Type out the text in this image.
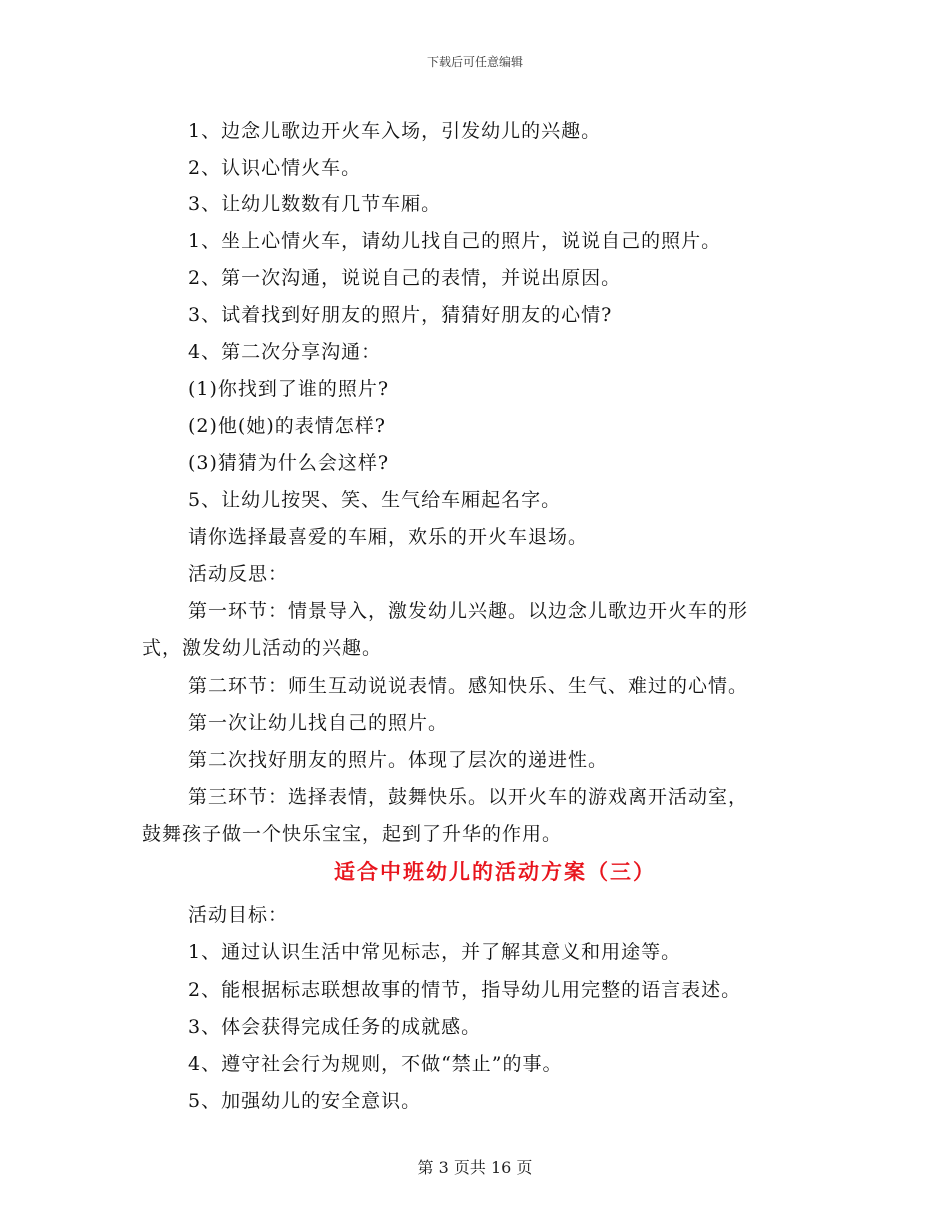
下载后可任意编辑
1、边念儿歌边开火车入场，引发幼儿的兴趣。
2、认识心情火车。
3、让幼儿数数有几节车厢。
1、坐上心情火车，请幼儿找自己的照片，说说自己的照片。
2、第一次沟通，说说自己的表情，并说出原因。
3、试着找到好朋友的照片，猜猜好朋友的心情?
4、第二次分享沟通：
(1)你找到了谁的照片?
(2)他(她)的表情怎样?
(3)猜猜为什么会这样?
5、让幼儿按哭、笑、生气给车厢起名字。
请你选择最喜爱的车厢，欢乐的开火车退场。
活动反思：
第一环节：情景导入，激发幼儿兴趣。以边念儿歌边开火车的形
式，激发幼儿活动的兴趣。
第二环节：师生互动说说表情。感知快乐、生气、难过的心情。
第一次让幼儿找自己的照片。
第二次找好朋友的照片。体现了层次的递进性。
第三环节：选择表情，鼓舞快乐。以开火车的游戏离开活动室，
鼓舞孩子做一个快乐宝宝，起到了升华的作用。
适合中班幼儿的活动方案（三）
活动目标：
1、通过认识生活中常见标志，并了解其意义和用途等。
2、能根据标志联想故事的情节，指导幼儿用完整的语言表述。
3、体会获得完成任务的成就感。
4、遵守社会行为规则，不做“禁止”的事。
5、加强幼儿的安全意识。
第 3 页共 16 页
